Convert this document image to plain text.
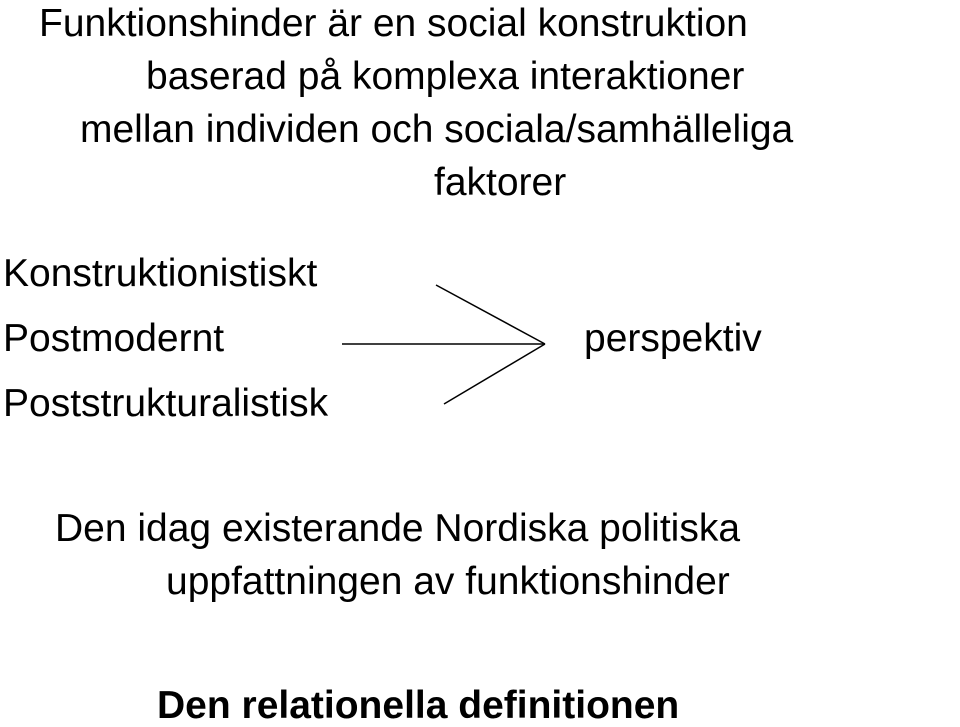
Funktionshinder är en social konstruktion

baserad på komplexa interaktioner

mellan individen och sociala/samhälleliga

faktorer

Konstruktionistiskt

Postmodernt

Poststrukturalistisk

perspektiv

Den idag existerande Nordiska politiska

uppfattningen av funktionshinder

Den relationella definitionen
